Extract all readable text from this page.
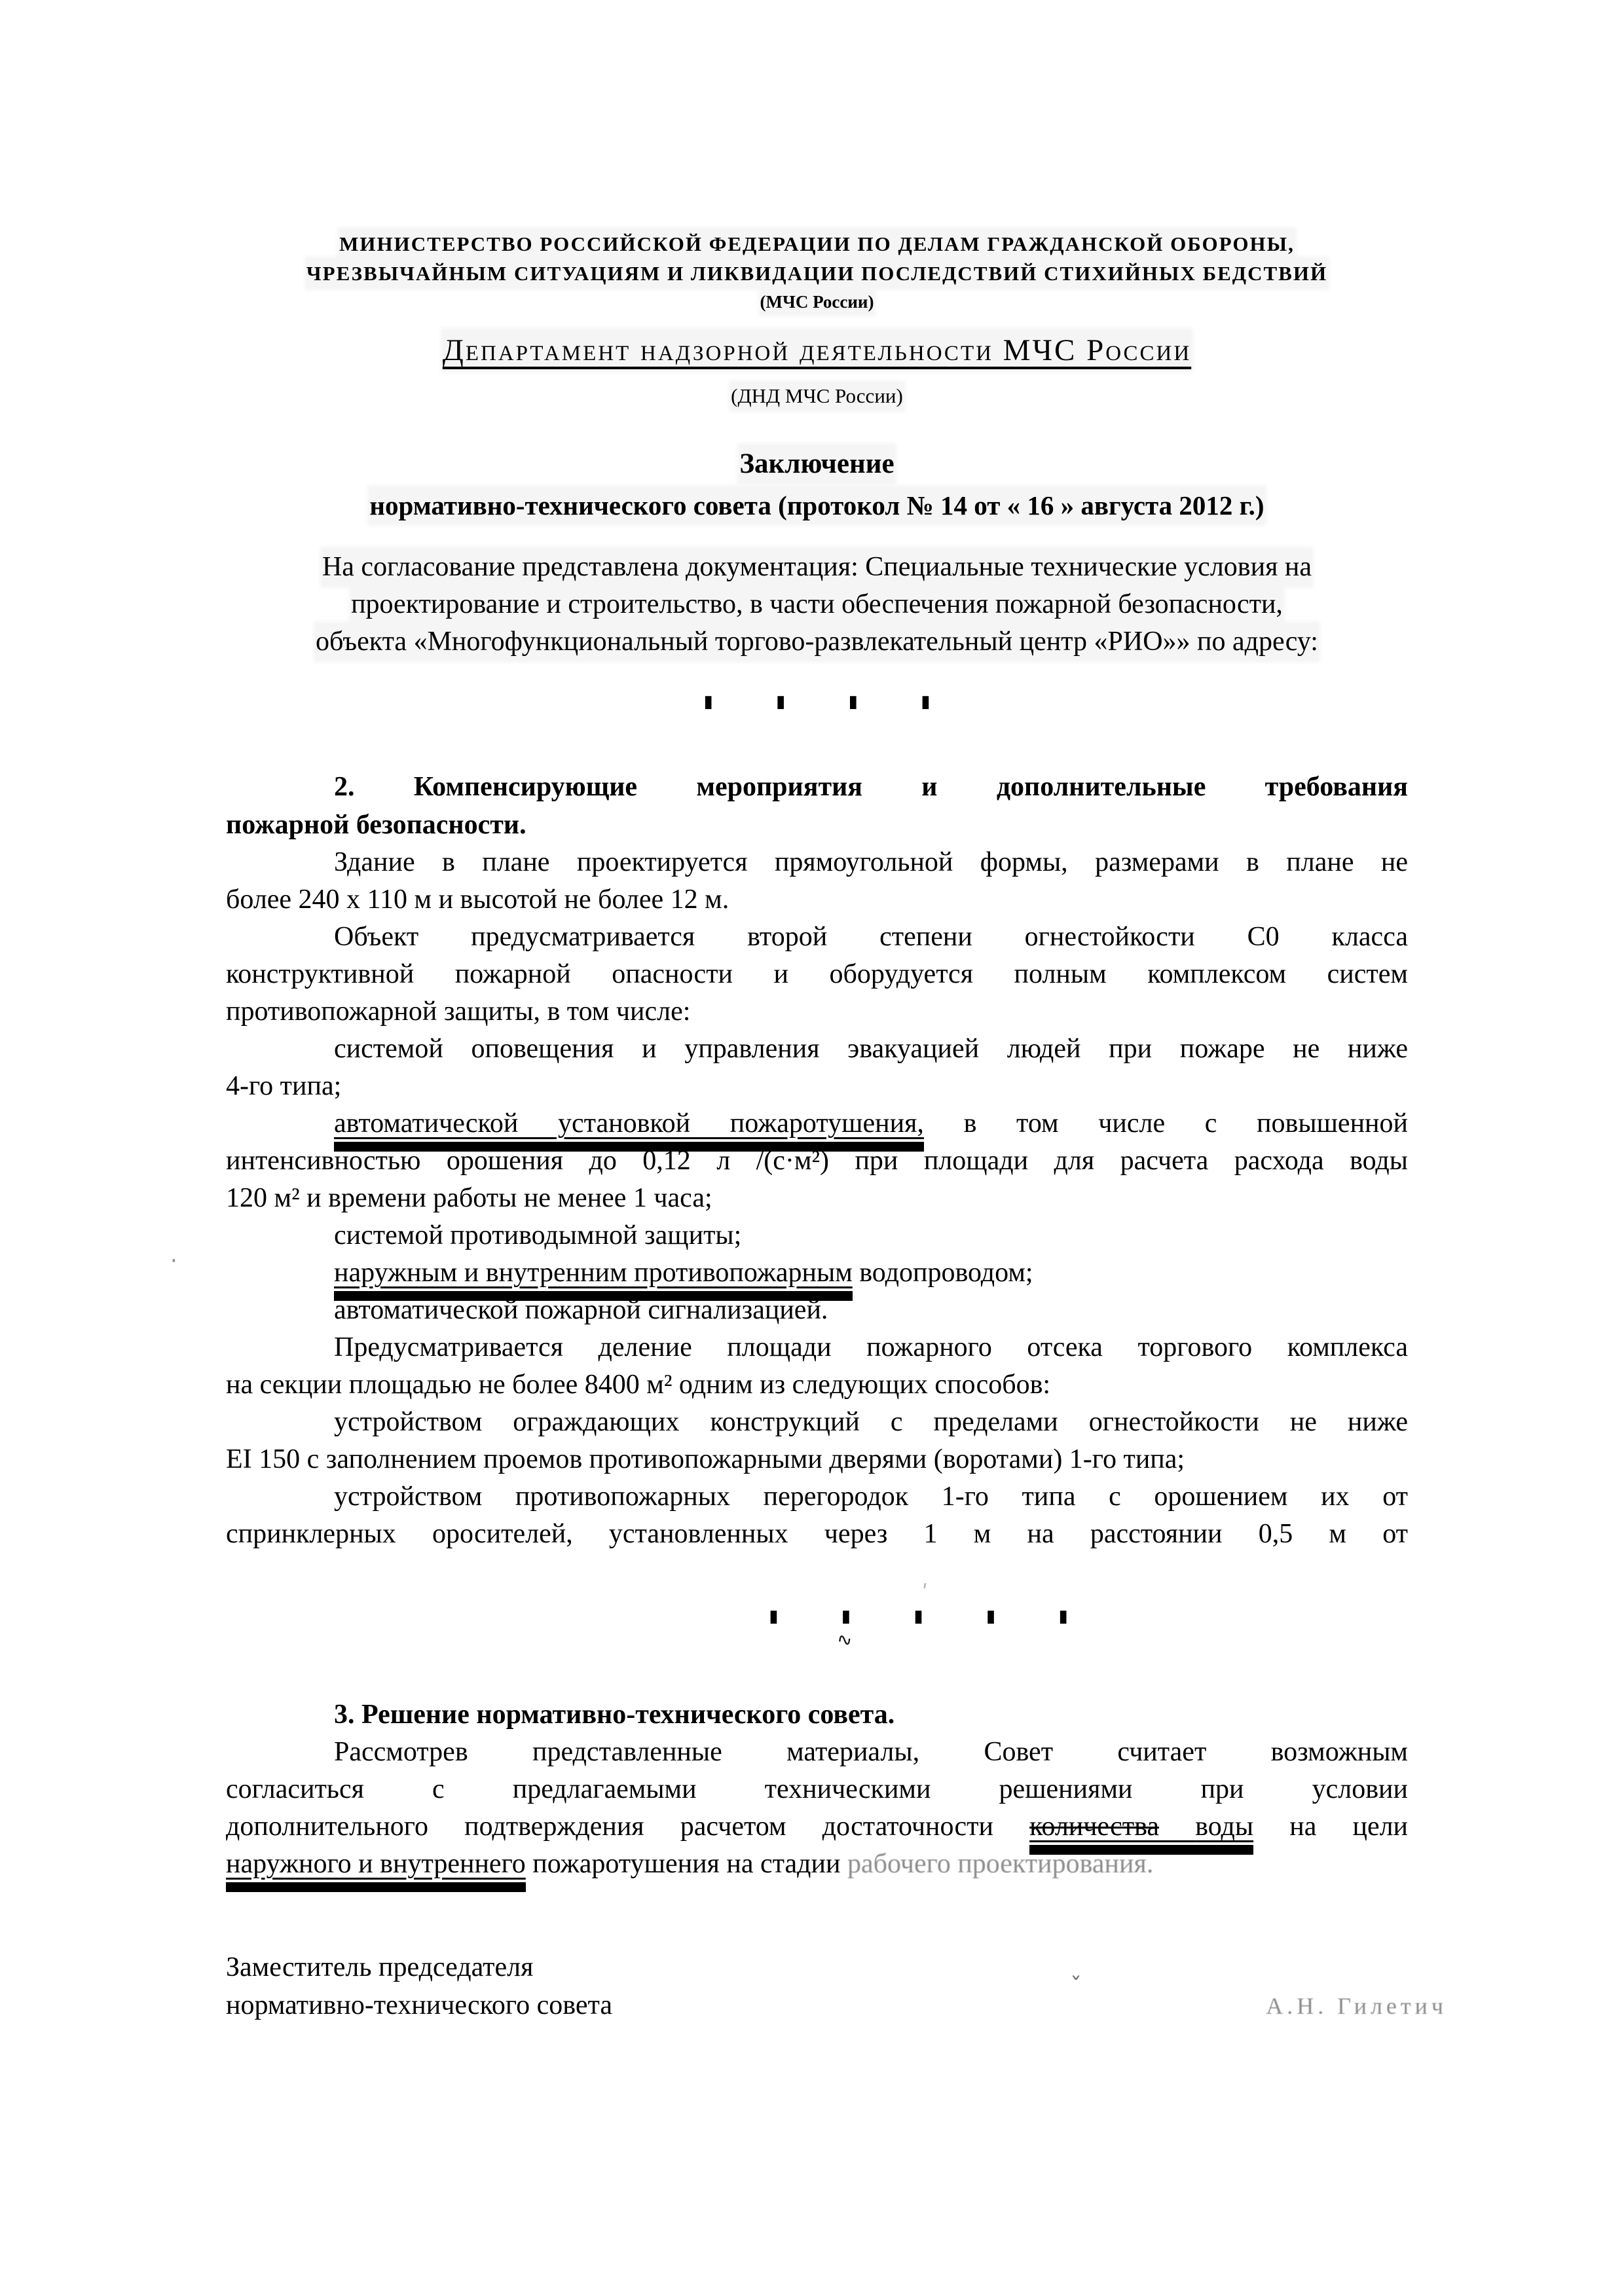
МИНИСТЕРСТВО РОССИЙСКОЙ ФЕДЕРАЦИИ ПО ДЕЛАМ ГРАЖДАНСКОЙ ОБОРОНЫ,
ЧРЕЗВЫЧАЙНЫМ СИТУАЦИЯМ И ЛИКВИДАЦИИ ПОСЛЕДСТВИЙ СТИХИЙНЫХ БЕДСТВИЙ
(МЧС России)
Департамент надзорной деятельности МЧС России
(ДНД МЧС России)
Заключение
нормативно-технического совета (протокол № 14 от « 16 » августа 2012 г.)
На согласование представлена документация: Специальные технические условия на
проектирование и строительство, в части обеспечения пожарной безопасности,
объекта «Многофункциональный торгово-развлекательный центр «РИО»» по адресу:
▮ ▮ ▮ ▮
2. Компенсирующие мероприятия и дополнительные требования
пожарной безопасности.
Здание в плане проектируется прямоугольной формы, размерами в плане не
более 240 х 110 м и высотой не более 12 м.
Объект предусматривается второй степени огнестойкости С0 класса
конструктивной пожарной опасности и оборудуется полным комплексом систем
противопожарной защиты, в том числе:
системой оповещения и управления эвакуацией людей при пожаре не ниже
4-го типа;
автоматической установкой пожаротушения, в том числе с повышенной
интенсивностью орошения до 0,12 л /(с·м²) при площади для расчета расхода воды
120 м² и времени работы не менее 1 часа;
системой противодымной защиты;
наружным и внутренним противопожарным водопроводом;
автоматической пожарной сигнализацией.
Предусматривается деление площади пожарного отсека торгового комплекса
на секции площадью не более 8400 м² одним из следующих способов:
устройством ограждающих конструкций с пределами огнестойкости не ниже
EI 150 с заполнением проемов противопожарными дверями (воротами) 1-го типа;
устройством противопожарных перегородок 1-го типа с орошением их от
спринклерных оросителей, установленных через 1 м на расстоянии 0,5 м от
▮ ▮ ▮ ▮ ▮
3. Решение нормативно-технического совета.
Рассмотрев представленные материалы, Совет считает возможным
согласиться с предлагаемыми техническими решениями при условии
дополнительного подтверждения расчетом достаточности количества воды на цели
наружного и внутреннего пожаротушения на стадии рабочего проектирования.
Заместитель председателя
нормативно-технического совета	А.Н. Гилетич
∿
ʹ
·
ˇ
